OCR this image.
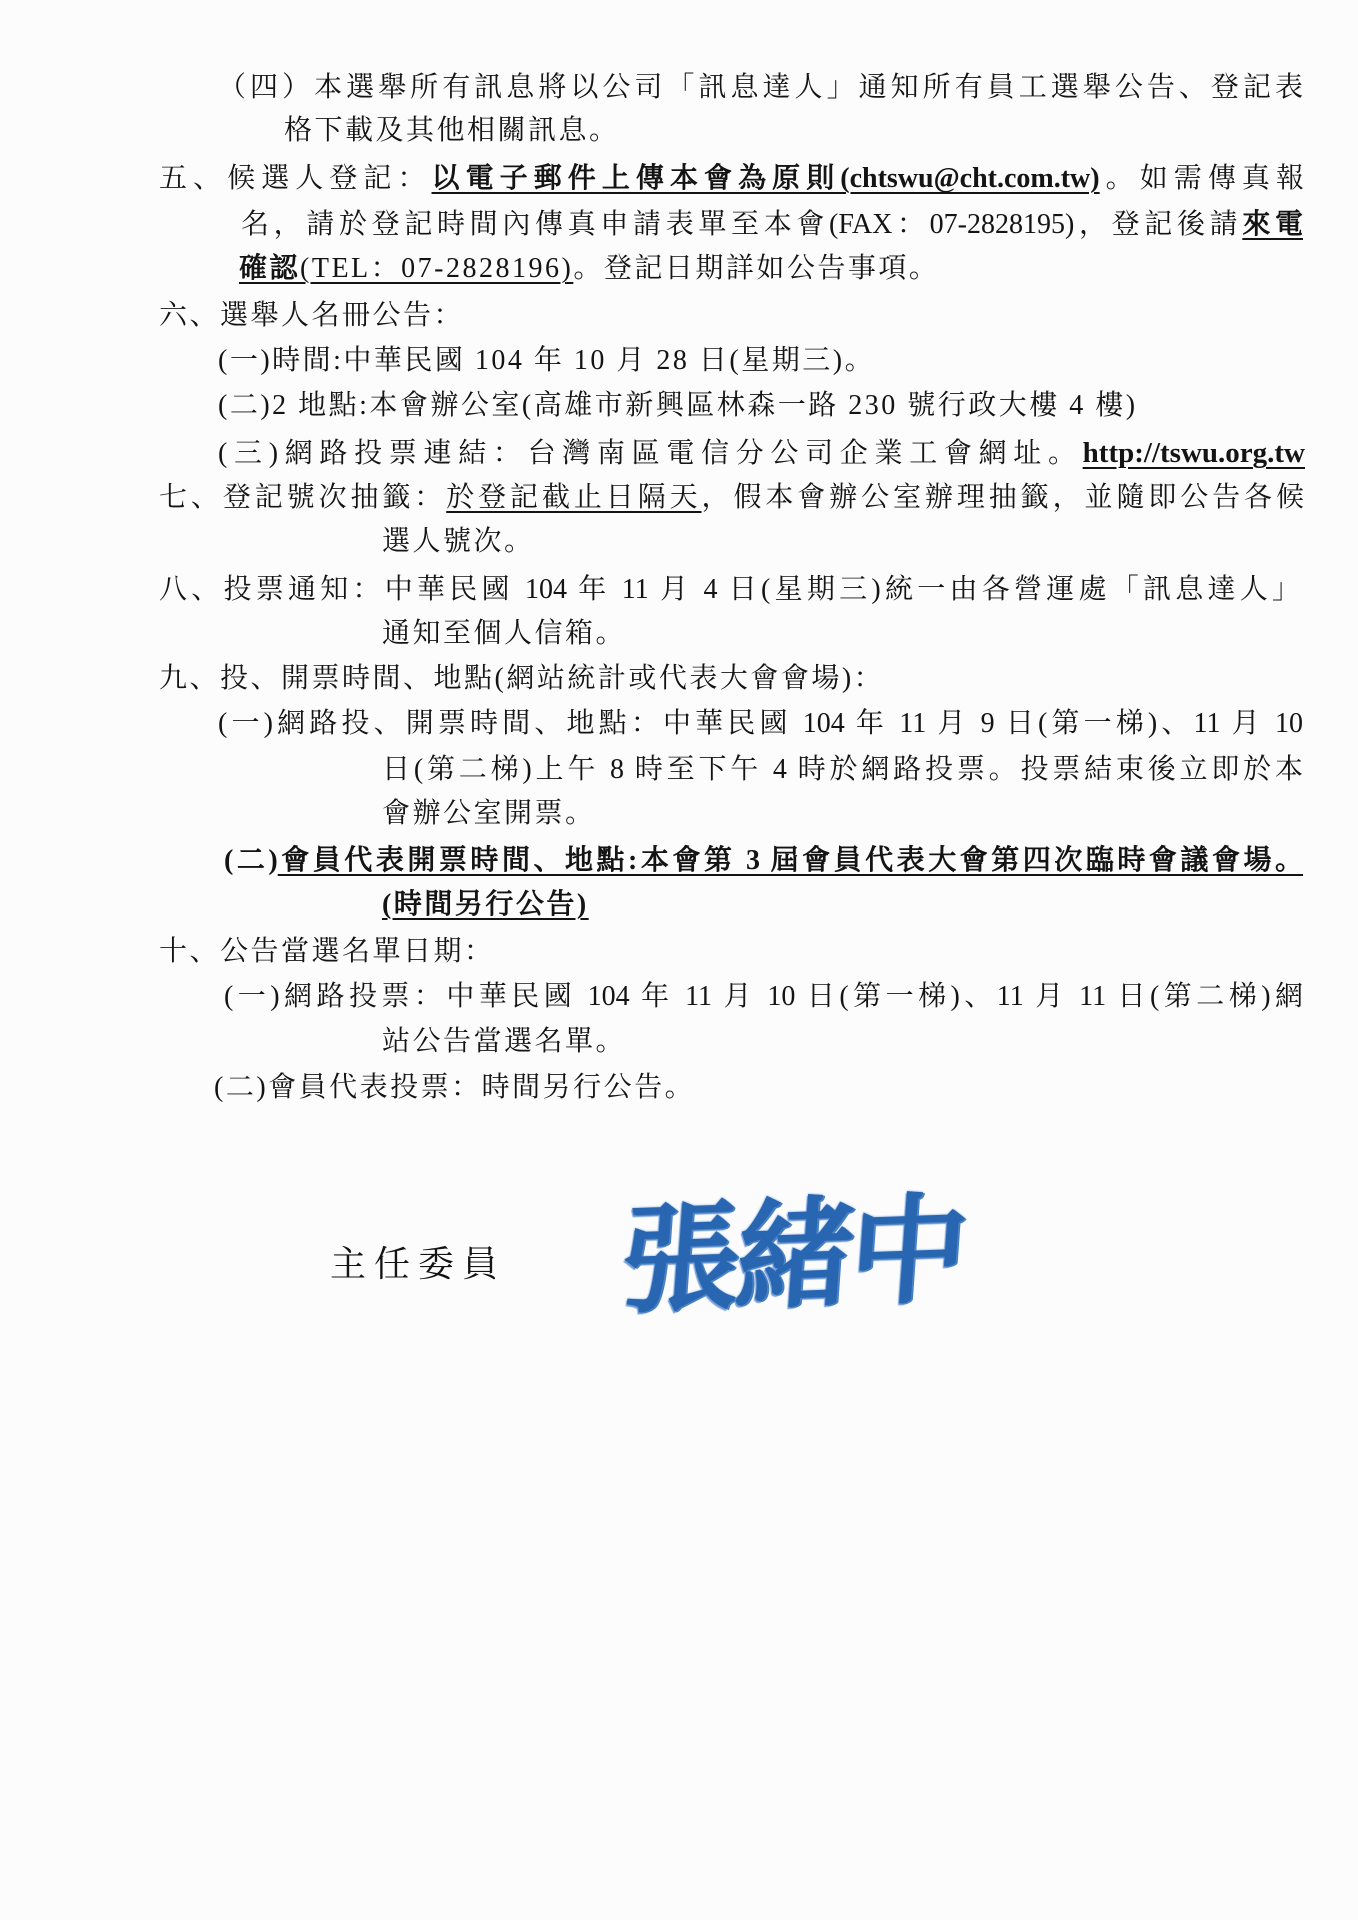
（四）本選舉所有訊息將以公司「訊息達人」通知所有員工選舉公告、登記表
格下載及其他相關訊息。
五、候選人登記：以電子郵件上傳本會為原則(chtswu@cht.com.tw)。如需傳真報
名，請於登記時間內傳真申請表單至本會(FAX：07-2828195)，登記後請來電
確認(TEL：07-2828196)。登記日期詳如公告事項。
六、選舉人名冊公告：
(一)時間:中華民國 104 年 10 月 28 日(星期三)。
(二)2 地點:本會辦公室(高雄市新興區林森一路 230 號行政大樓 4 樓)
(三)網路投票連結：台灣南區電信分公司企業工會網址。http://tswu.org.tw
七、登記號次抽籤：於登記截止日隔天，假本會辦公室辦理抽籤，並隨即公告各候
選人號次。
八、投票通知：中華民國 104 年 11 月 4 日(星期三)統一由各營運處「訊息達人」
通知至個人信箱。
九、投、開票時間、地點(網站統計或代表大會會場)：
(一)網路投、開票時間、地點：中華民國 104 年 11 月 9 日(第一梯)、11 月 10
日(第二梯)上午 8 時至下午 4 時於網路投票。投票結束後立即於本
會辦公室開票。
(二)會員代表開票時間、地點:本會第 3 屆會員代表大會第四次臨時會議會場。
(時間另行公告)
十、公告當選名單日期：
(一)網路投票：中華民國 104 年 11 月 10 日(第一梯)、11 月 11 日(第二梯)網
站公告當選名單。
(二)會員代表投票：時間另行公告。
主任委員 張緒中
